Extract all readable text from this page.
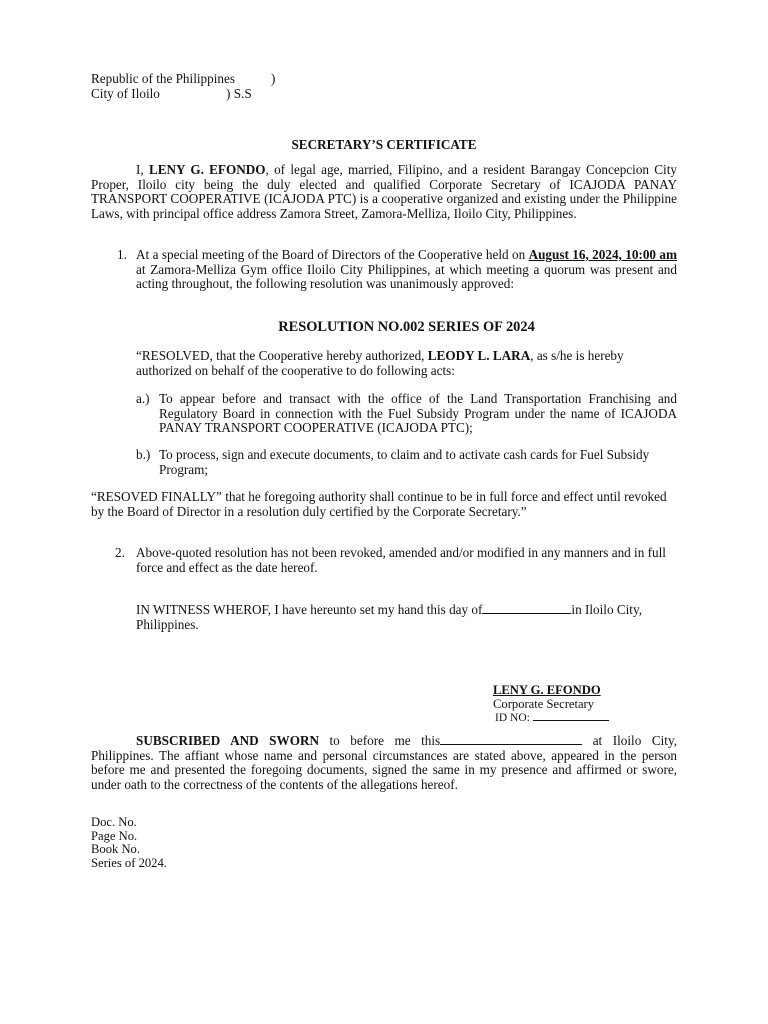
Republic of the Philippines	)
City of Iloilo	) S.S
SECRETARY’S CERTIFICATE
I, LENY G. EFONDO, of legal age, married, Filipino, and a resident Barangay Concepcion City Proper, Iloilo city being the duly elected and qualified Corporate Secretary of ICAJODA PANAY TRANSPORT COOPERATIVE (ICAJODA PTC) is a cooperative organized and existing under the Philippine Laws, with principal office address Zamora Street, Zamora-Melliza, Iloilo City, Philippines.
1. At a special meeting of the Board of Directors of the Cooperative held on August 16, 2024, 10:00 am at Zamora-Melliza Gym office Iloilo City Philippines, at which meeting a quorum was present and acting throughout, the following resolution was unanimously approved:
RESOLUTION NO.002 SERIES OF 2024
“RESOLVED, that the Cooperative hereby authorized, LEODY L. LARA, as s/he is hereby authorized on behalf of the cooperative to do following acts:
a.) To appear before and transact with the office of the Land Transportation Franchising and Regulatory Board in connection with the Fuel Subsidy Program under the name of ICAJODA PANAY TRANSPORT COOPERATIVE (ICAJODA PTC);
b.) To process, sign and execute documents, to claim and to activate cash cards for Fuel Subsidy Program;
“RESOVED FINALLY” that he foregoing authority shall continue to be in full force and effect until revoked by the Board of Director in a resolution duly certified by the Corporate Secretary.”
2. Above-quoted resolution has not been revoked, amended and/or modified in any manners and in full force and effect as the date hereof.
IN WITNESS WHEROF, I have hereunto set my hand this day of	in Iloilo City, Philippines.
LENY G. EFONDO
Corporate Secretary
ID NO:
SUBSCRIBED AND SWORN to before me this	at Iloilo City, Philippines. The affiant whose name and personal circumstances are stated above, appeared in the person before me and presented the foregoing documents, signed the same in my presence and affirmed or swore, under oath to the correctness of the contents of the allegations hereof.
Doc. No.
Page No.
Book No.
Series of 2024.
